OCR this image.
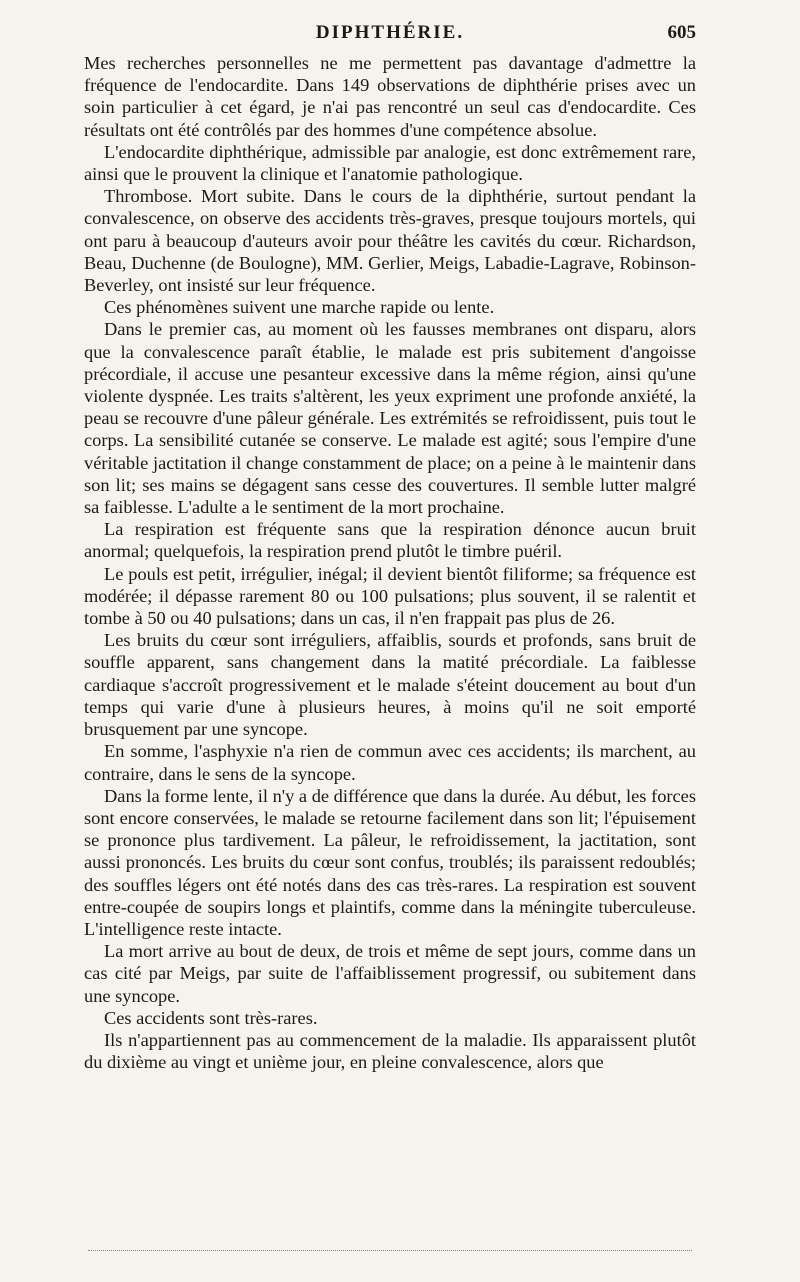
DIPHTHÉRIE.	605

Mes recherches personnelles ne me permettent pas davantage d'admettre la fréquence de l'endocardite. Dans 149 observations de diphthérie prises avec un soin particulier à cet égard, je n'ai pas rencontré un seul cas d'endocardite. Ces résultats ont été contrôlés par des hommes d'une compétence absolue.

L'endocardite diphthérique, admissible par analogie, est donc extrêmement rare, ainsi que le prouvent la clinique et l'anatomie pathologique.

Thrombose. Mort subite. Dans le cours de la diphthérie, surtout pendant la convalescence, on observe des accidents très-graves, presque toujours mortels, qui ont paru à beaucoup d'auteurs avoir pour théâtre les cavités du cœur. Richardson, Beau, Duchenne (de Boulogne), MM. Gerlier, Meigs, Labadie-Lagrave, Robinson-Beverley, ont insisté sur leur fréquence.

Ces phénomènes suivent une marche rapide ou lente.

Dans le premier cas, au moment où les fausses membranes ont disparu, alors que la convalescence paraît établie, le malade est pris subitement d'angoisse précordiale, il accuse une pesanteur excessive dans la même région, ainsi qu'une violente dyspnée. Les traits s'altèrent, les yeux expriment une profonde anxiété, la peau se recouvre d'une pâleur générale. Les extrémités se refroidissent, puis tout le corps. La sensibilité cutanée se conserve. Le malade est agité; sous l'empire d'une véritable jactitation il change constamment de place; on a peine à le maintenir dans son lit; ses mains se dégagent sans cesse des couvertures. Il semble lutter malgré sa faiblesse. L'adulte a le sentiment de la mort prochaine.

La respiration est fréquente sans que la respiration dénonce aucun bruit anormal; quelquefois, la respiration prend plutôt le timbre puéril.

Le pouls est petit, irrégulier, inégal; il devient bientôt filiforme; sa fréquence est modérée; il dépasse rarement 80 ou 100 pulsations; plus souvent, il se ralentit et tombe à 50 ou 40 pulsations; dans un cas, il n'en frappait pas plus de 26.

Les bruits du cœur sont irréguliers, affaiblis, sourds et profonds, sans bruit de souffle apparent, sans changement dans la matité précordiale. La faiblesse cardiaque s'accroît progressivement et le malade s'éteint doucement au bout d'un temps qui varie d'une à plusieurs heures, à moins qu'il ne soit emporté brusquement par une syncope.

En somme, l'asphyxie n'a rien de commun avec ces accidents; ils marchent, au contraire, dans le sens de la syncope.

Dans la forme lente, il n'y a de différence que dans la durée. Au début, les forces sont encore conservées, le malade se retourne facilement dans son lit; l'épuisement se prononce plus tardivement. La pâleur, le refroidissement, la jactitation, sont aussi prononcés. Les bruits du cœur sont confus, troublés; ils paraissent redoublés; des souffles légers ont été notés dans des cas très-rares. La respiration est souvent entre-coupée de soupirs longs et plaintifs, comme dans la méningite tuberculeuse. L'intelligence reste intacte.

La mort arrive au bout de deux, de trois et même de sept jours, comme dans un cas cité par Meigs, par suite de l'affaiblissement progressif, ou subitement dans une syncope.

Ces accidents sont très-rares.

Ils n'appartiennent pas au commencement de la maladie. Ils apparaissent plutôt du dixième au vingt et unième jour, en pleine convalescence, alors que
